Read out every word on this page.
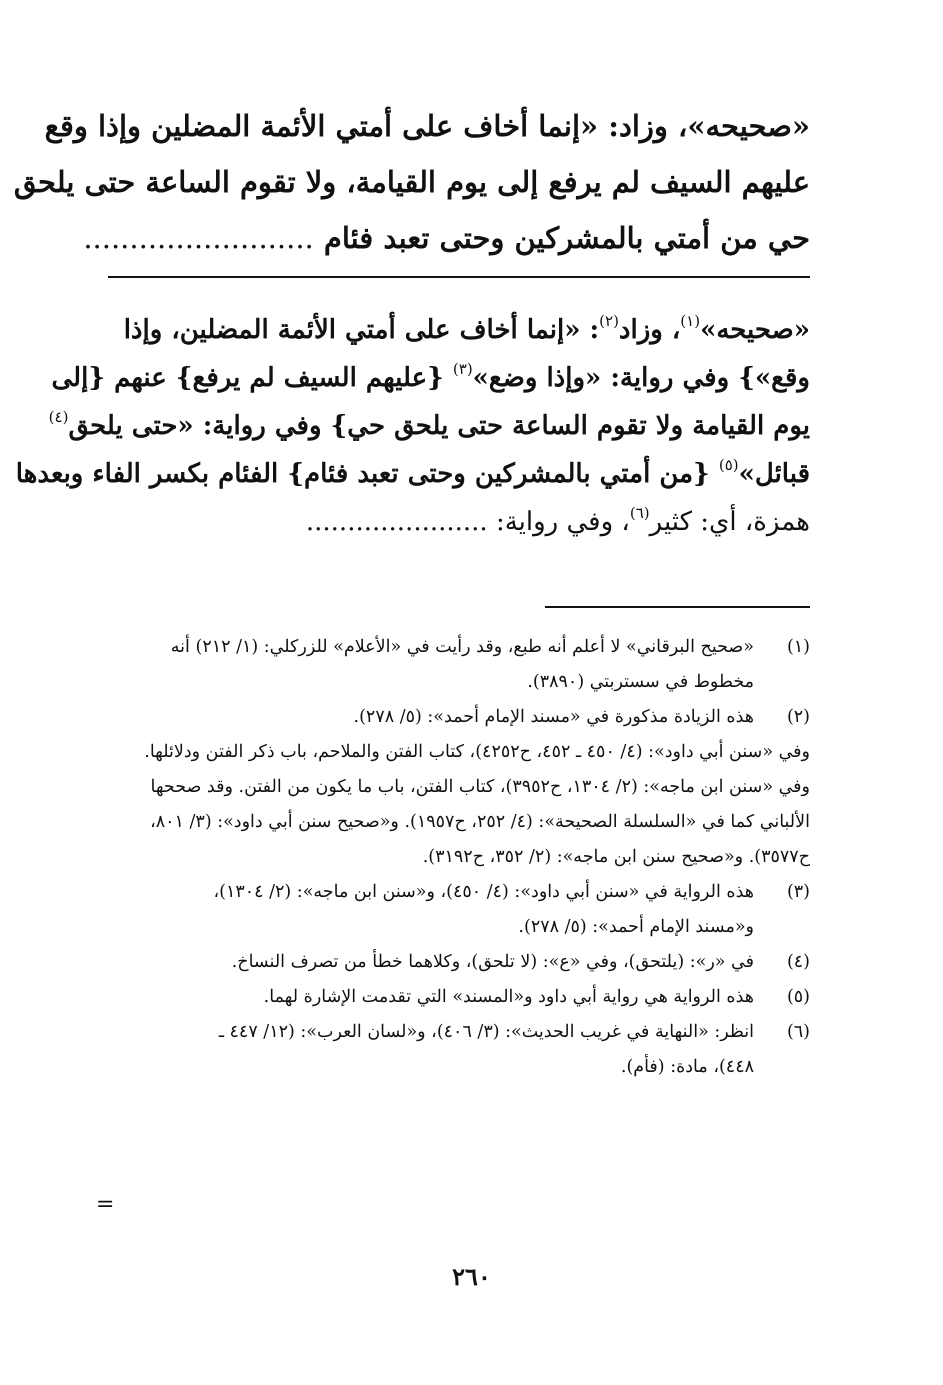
«صحيحه»، وزاد: «إنما أخاف على أمتي الأئمة المضلين وإذا وقع
عليهم السيف لم يرفع إلى يوم القيامة، ولا تقوم الساعة حتى يلحق
حي من أمتي بالمشركين وحتى تعبد فئام .........................
«صحيحه»$^{(١)}$، وزاد$^{(٢)}$: «إنما أخاف على أمتي الأئمة المضلين، وإذا
وقع»} وفي رواية: «وإذا وضع»$^{(٣)}$ {عليهم السيف لم يرفع} عنهم {إلى
يوم القيامة ولا تقوم الساعة حتى يلحق حي} وفي رواية: «حتى يلحق$^{(٤)}$
قبائل»$^{(٥)}$ {من أمتي بالمشركين وحتى تعبد فئام} الفئام بكسر الفاء وبعدها
همزة، أي: كثير$^{(٦)}$، وفي رواية: ......................
(١)
«صحيح البرقاني» لا أعلم أنه طبع، وقد رأيت في «الأعلام» للزركلي: (١/ ٢١٢) أنه
مخطوط في سستربتي (٣٨٩٠).
(٢)
هذه الزيادة مذكورة في «مسند الإمام أحمد»: (٥/ ٢٧٨).
وفي «سنن أبي داود»: (٤/ ٤٥٠ ـ ٤٥٢، ح٤٢٥٢)، كتاب الفتن والملاحم، باب ذكر الفتن ودلائلها. وفي «سنن ابن ماجه»: (٢/ ١٣٠٤، ح٣٩٥٢)، كتاب الفتن، باب ما يكون من الفتن. وقد صححها الألباني كما في «السلسلة الصحيحة»: (٤/ ٢٥٢، ح١٩٥٧). و«صحيح سنن أبي داود»: (٣/ ٨٠١، ح٣٥٧٧). و«صحيح سنن ابن ماجه»: (٢/ ٣٥٢، ح٣١٩٢).
(٣)
هذه الرواية في «سنن أبي داود»: (٤/ ٤٥٠)، و«سنن ابن ماجه»: (٢/ ١٣٠٤)،
و«مسند الإمام أحمد»: (٥/ ٢٧٨).
(٤)
في «ر»: (يلتحق)، وفي «ع»: (لا تلحق)، وكلاهما خطأ من تصرف النساخ.
(٥)
هذه الرواية هي رواية أبي داود و«المسند» التي تقدمت الإشارة لهما.
(٦)
انظر: «النهاية في غريب الحديث»: (٣/ ٤٠٦)، و«لسان العرب»: (١٢/ ٤٤٧ ـ
٤٤٨)، مادة: (فأم).
=
٢٦٠
